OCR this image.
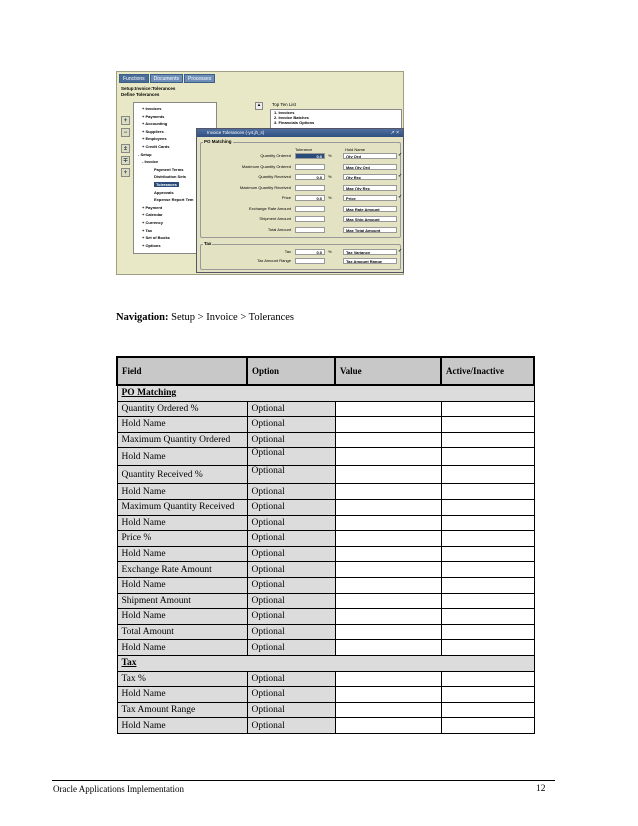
Functions	Documents	Processes
Setup:Invoice:Tolerances
Define Tolerances
+
−
±
∓
+
+ Invoices
+ Payments
+ Accounting
+ Suppliers
+ Employees
+ Credit Cards
- Setup
- Invoice
Payment Terms
Distribution Sets
Tolerances
Approvals
Expense Report Tem
+ Payment
+ Calendar
+ Currency
+ Tax
+ Set of Books
+ Options
▴	Top Ten List
1. Invoices
2. Invoice Batches
3. Financials Options
Invoice Tolerances (-y4,jh_s)	↗ ×
PO Matching
Tolerance	Hold Name
Quantity Ordered	0.0	%	Qty Ord	✓
Maximum Quantity Ordered	Max Qty Ord
Quantity Received	0.0	%	Qty Rec	✓
Maximum Quantity Received	Max Qty Rec
Price	0.0	%	Price	✓
Exchange Rate Amount	Max Rate Amount
Shipment Amount	Max Ship Amount
Total Amount	Max Total Amount
Tax
Tax	0.0	%	Tax Variance	✓
Tax Amount Range	Tax Amount Range
Navigation: Setup > Invoice > Tolerances
Field	Option	Value	Active/Inactive
PO Matching			
Quantity Ordered %	Optional		
Hold Name	Optional		
Maximum Quantity Ordered	Optional		
Hold Name	Optional		
Quantity Received %	Optional		
Hold Name	Optional		
Maximum Quantity Received	Optional		
Hold Name	Optional		
Price %	Optional		
Hold Name	Optional		
Exchange Rate Amount	Optional		
Hold Name	Optional		
Shipment Amount	Optional		
Hold Name	Optional		
Total Amount	Optional		
Hold Name	Optional		
Tax			
Tax %	Optional		
Hold Name	Optional		
Tax Amount Range	Optional		
Hold Name	Optional		
Oracle Applications Implementation	12
